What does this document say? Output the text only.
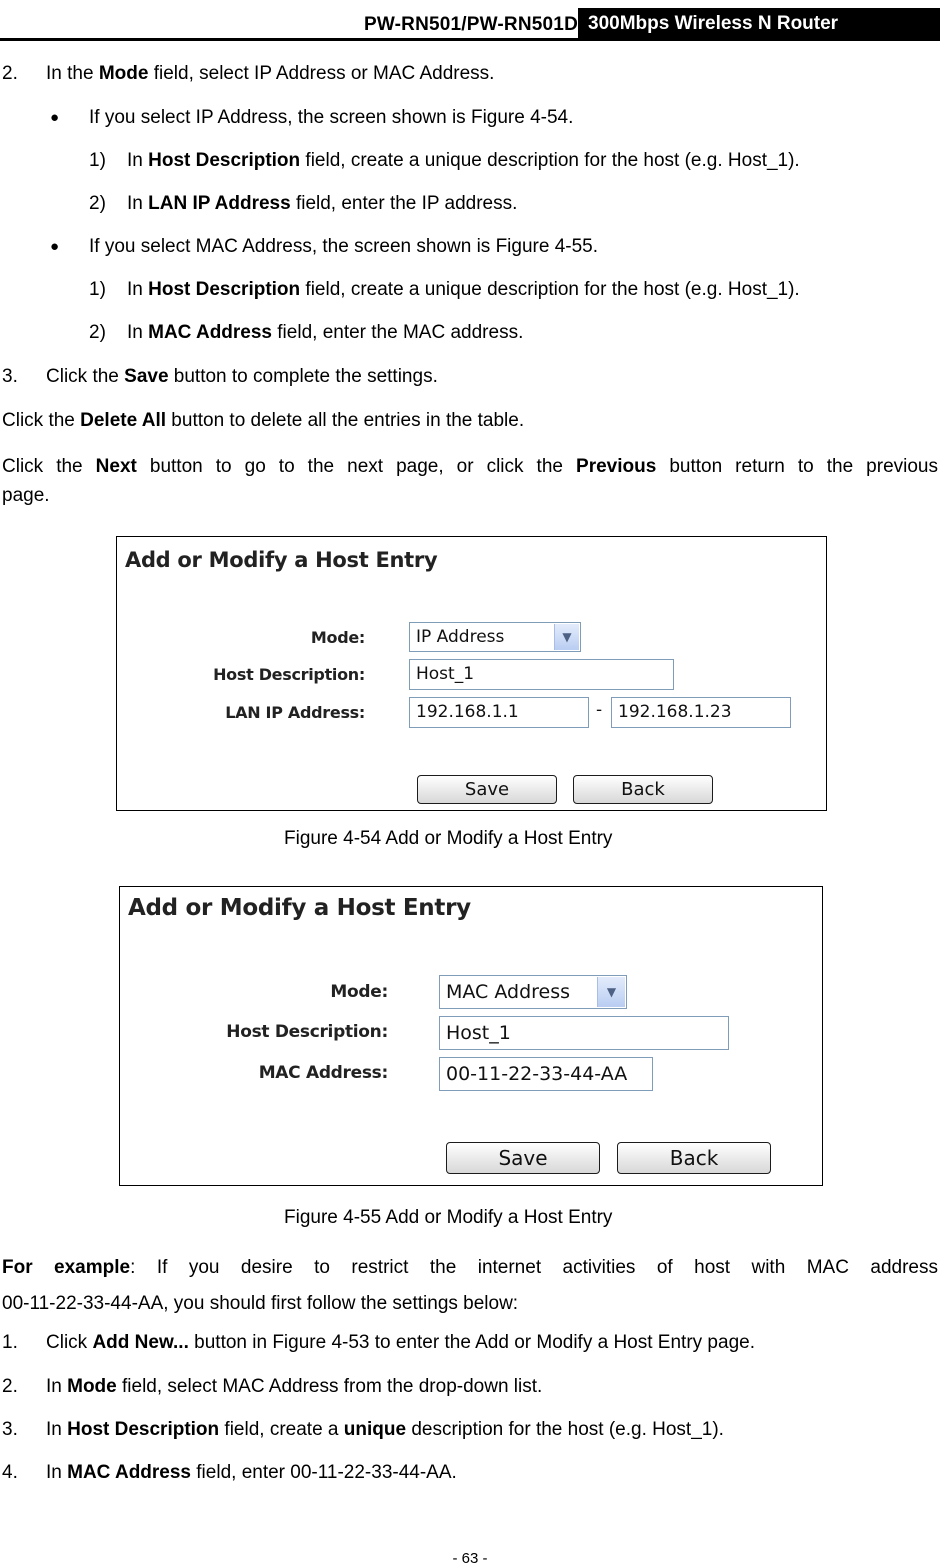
PW-RN501/PW-RN501D 300Mbps Wireless N Router
2. In the Mode field, select IP Address or MAC Address.
● If you select IP Address, the screen shown is Figure 4-54.
1) In Host Description field, create a unique description for the host (e.g. Host_1).
2) In LAN IP Address field, enter the IP address.
● If you select MAC Address, the screen shown is Figure 4-55.
1) In Host Description field, create a unique description for the host (e.g. Host_1).
2) In MAC Address field, enter the MAC address.
3. Click the Save button to complete the settings.
Click the Delete All button to delete all the entries in the table.
Click the Next button to go to the next page, or click the Previous button return to the previous
page.
Add or Modify a Host Entry
Mode:	IP Address	▼
Host Description:	Host_1
LAN IP Address:	192.168.1.1	- 192.168.1.23
Save	Back
Figure 4-54 Add or Modify a Host Entry
Add or Modify a Host Entry
Mode:	MAC Address	▼
Host Description:	Host_1
MAC Address:	00-11-22-33-44-AA
Save	Back
Figure 4-55 Add or Modify a Host Entry
For example: If you desire to restrict the internet activities of host with MAC address
00-11-22-33-44-AA, you should first follow the settings below:
1. Click Add New... button in Figure 4-53 to enter the Add or Modify a Host Entry page.
2. In Mode field, select MAC Address from the drop-down list.
3. In Host Description field, create a unique description for the host (e.g. Host_1).
4. In MAC Address field, enter 00-11-22-33-44-AA.
- 63 -
